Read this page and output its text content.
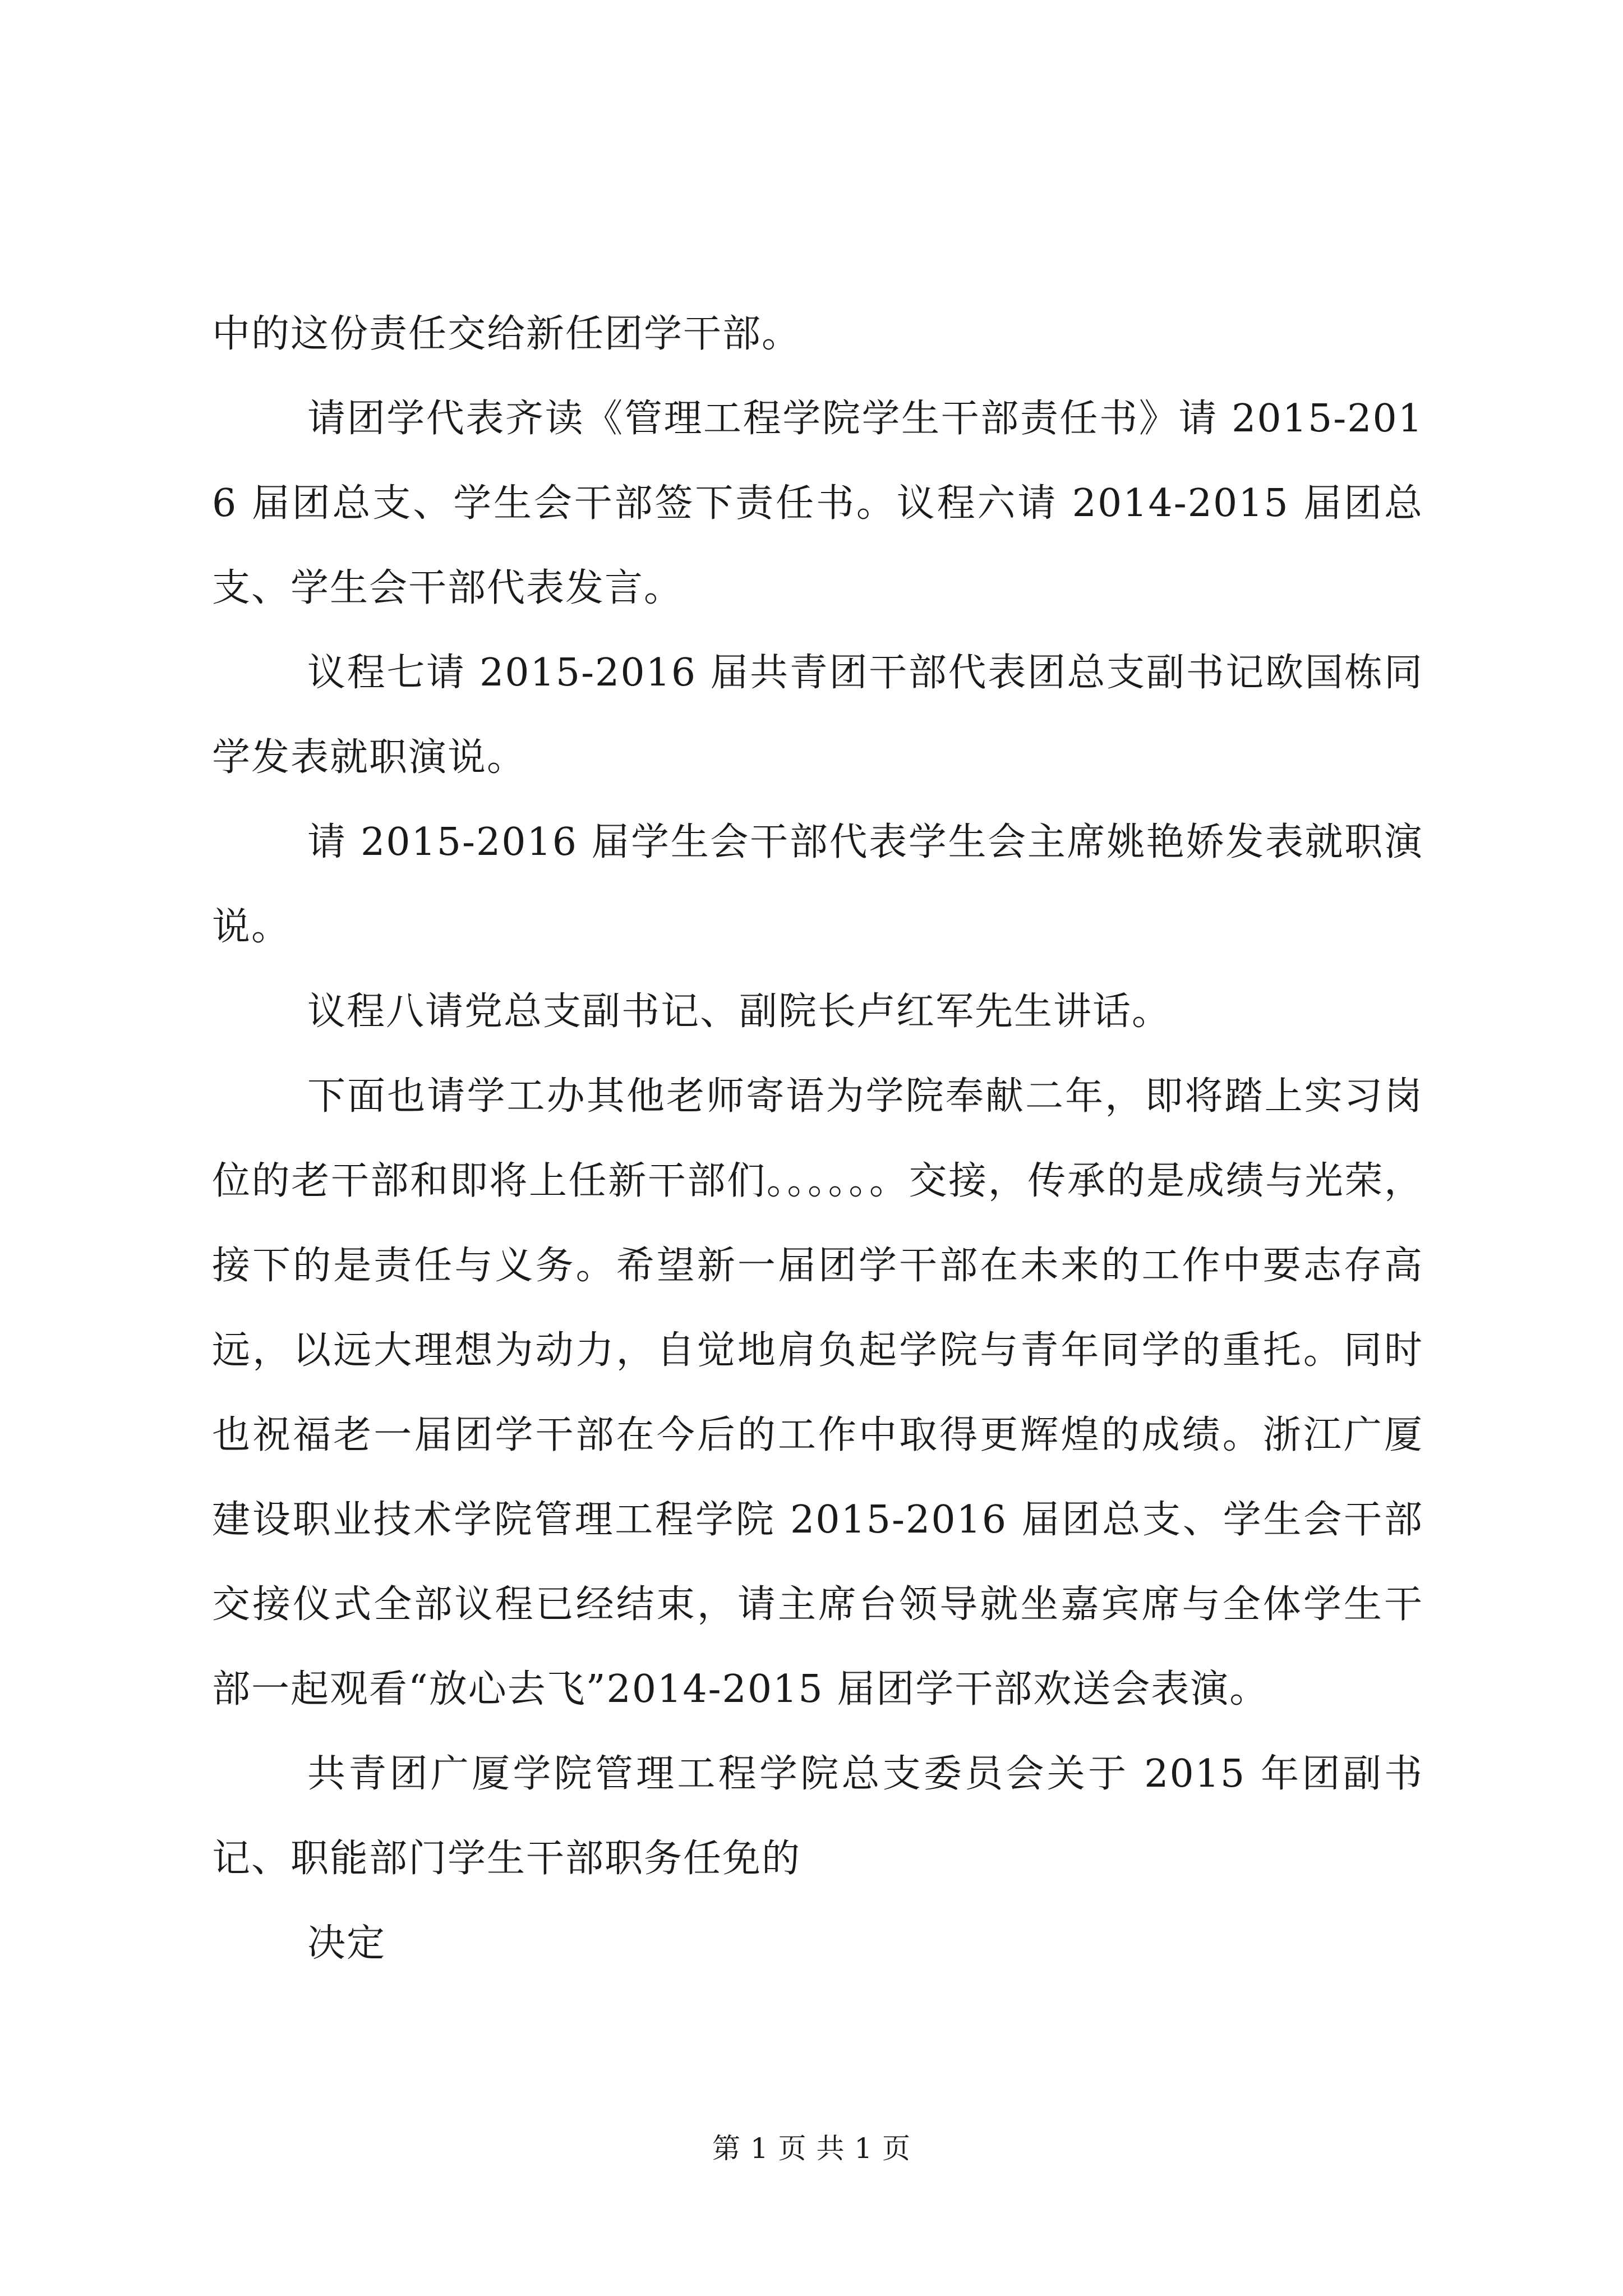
中的这份责任交给新任团学干部。

请团学代表齐读《管理工程学院学生干部责任书》请 2015-2016 届团总支、学生会干部签下责任书。议程六请 2014-2015 届团总支、学生会干部代表发言。

议程七请 2015-2016 届共青团干部代表团总支副书记欧国栋同学发表就职演说。

请 2015-2016 届学生会干部代表学生会主席姚艳娇发表就职演说。

议程八请党总支副书记、副院长卢红军先生讲话。

下面也请学工办其他老师寄语为学院奉献二年，即将踏上实习岗位的老干部和即将上任新干部们。。。。。。交接，传承的是成绩与光荣，接下的是责任与义务。希望新一届团学干部在未来的工作中要志存高远，以远大理想为动力，自觉地肩负起学院与青年同学的重托。同时也祝福老一届团学干部在今后的工作中取得更辉煌的成绩。浙江广厦建设职业技术学院管理工程学院 2015-2016 届团总支、学生会干部交接仪式全部议程已经结束，请主席台领导就坐嘉宾席与全体学生干部一起观看“放心去飞”2014-2015 届团学干部欢送会表演。

共青团广厦学院管理工程学院总支委员会关于 2015 年团副书记、职能部门学生干部职务任免的

决定

第 1 页 共 1 页
